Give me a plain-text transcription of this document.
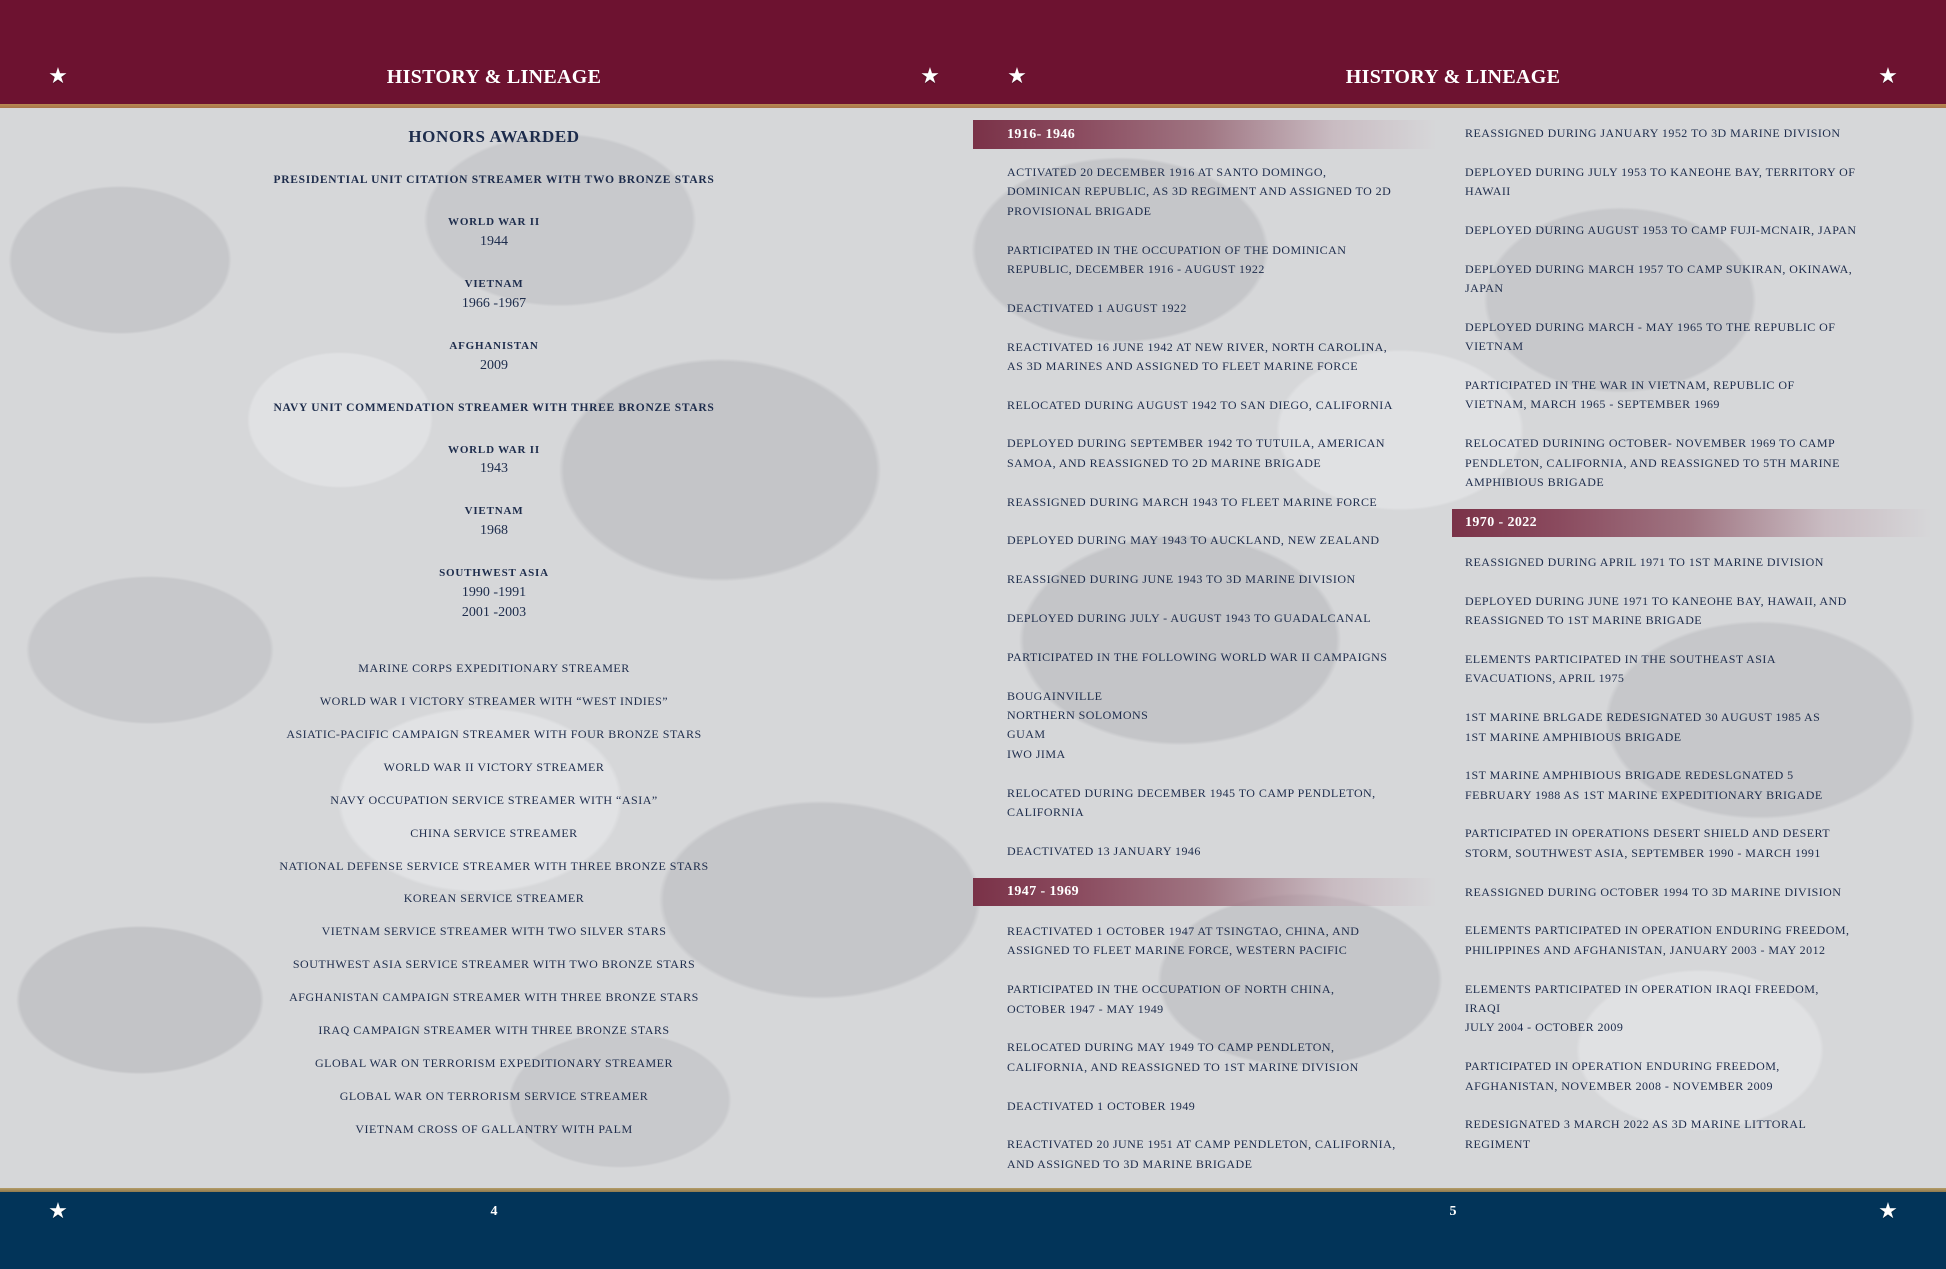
★	HISTORY & LINEAGE	★	★	HISTORY & LINEAGE	★
HONORS AWARDED
PRESIDENTIAL UNIT CITATION STREAMER WITH TWO BRONZE STARS
WORLD WAR II
1944
VIETNAM
1966 -1967
AFGHANISTAN
2009
NAVY UNIT COMMENDATION STREAMER WITH THREE BRONZE STARS
WORLD WAR II
1943
VIETNAM
1968
SOUTHWEST ASIA
1990 -1991
2001 -2003
MARINE CORPS EXPEDITIONARY STREAMER
WORLD WAR I VICTORY STREAMER WITH “WEST INDIES”
ASIATIC-PACIFIC CAMPAIGN STREAMER WITH FOUR BRONZE STARS
WORLD WAR II VICTORY STREAMER
NAVY OCCUPATION SERVICE STREAMER WITH “ASIA”
CHINA SERVICE STREAMER
NATIONAL DEFENSE SERVICE STREAMER WITH THREE BRONZE STARS
KOREAN SERVICE STREAMER
VIETNAM SERVICE STREAMER WITH TWO SILVER STARS
SOUTHWEST ASIA SERVICE STREAMER WITH TWO BRONZE STARS
AFGHANISTAN CAMPAIGN STREAMER WITH THREE BRONZE STARS
IRAQ CAMPAIGN STREAMER WITH THREE BRONZE STARS
GLOBAL WAR ON TERRORISM EXPEDITIONARY STREAMER
GLOBAL WAR ON TERRORISM SERVICE STREAMER
VIETNAM CROSS OF GALLANTRY WITH PALM
1916- 1946
1947 - 1969
1970 - 2022
ACTIVATED 20 DECEMBER 1916 AT SANTO DOMINGO,
DOMINICAN REPUBLIC, AS 3D REGIMENT AND ASSIGNED TO 2D
PROVISIONAL BRIGADE
PARTICIPATED IN THE OCCUPATION OF THE DOMINICAN
REPUBLIC, DECEMBER 1916 - AUGUST 1922
DEACTIVATED 1 AUGUST 1922
REACTIVATED 16 JUNE 1942 AT NEW RIVER, NORTH CAROLINA,
AS 3D MARINES AND ASSIGNED TO FLEET MARINE FORCE
RELOCATED DURING AUGUST 1942 TO SAN DIEGO, CALIFORNIA
DEPLOYED DURING SEPTEMBER 1942 TO TUTUILA, AMERICAN
SAMOA, AND REASSIGNED TO 2D MARINE BRIGADE
REASSIGNED DURING MARCH 1943 TO FLEET MARINE FORCE
DEPLOYED DURING MAY 1943 TO AUCKLAND, NEW ZEALAND
REASSIGNED DURING JUNE 1943 TO 3D MARINE DIVISION
DEPLOYED DURING JULY - AUGUST 1943 TO GUADALCANAL
PARTICIPATED IN THE FOLLOWING WORLD WAR II CAMPAIGNS
BOUGAINVILLE
NORTHERN SOLOMONS
GUAM
IWO JIMA
RELOCATED DURING DECEMBER 1945 TO CAMP PENDLETON,
CALIFORNIA
DEACTIVATED 13 JANUARY 1946
REACTIVATED 1 OCTOBER 1947 AT TSINGTAO, CHINA, AND
ASSIGNED TO FLEET MARINE FORCE, WESTERN PACIFIC
PARTICIPATED IN THE OCCUPATION OF NORTH CHINA,
OCTOBER 1947 - MAY 1949
RELOCATED DURING MAY 1949 TO CAMP PENDLETON,
CALIFORNIA, AND REASSIGNED TO 1ST MARINE DIVISION
DEACTIVATED 1 OCTOBER 1949
REACTIVATED 20 JUNE 1951 AT CAMP PENDLETON, CALIFORNIA,
AND ASSIGNED TO 3D MARINE BRIGADE
REASSIGNED DURING JANUARY 1952 TO 3D MARINE DIVISION
DEPLOYED DURING JULY 1953 TO KANEOHE BAY, TERRITORY OF
HAWAII
DEPLOYED DURING AUGUST 1953 TO CAMP FUJI-MCNAIR, JAPAN
DEPLOYED DURING MARCH 1957 TO CAMP SUKIRAN, OKINAWA,
JAPAN
DEPLOYED DURING MARCH - MAY 1965 TO THE REPUBLIC OF
VIETNAM
PARTICIPATED IN THE WAR IN VIETNAM, REPUBLIC OF
VIETNAM, MARCH 1965 - SEPTEMBER 1969
RELOCATED DURINING OCTOBER- NOVEMBER 1969 TO CAMP
PENDLETON, CALIFORNIA, AND REASSIGNED TO 5TH MARINE
AMPHIBIOUS BRIGADE
REASSIGNED DURING APRIL 1971 TO 1ST MARINE DIVISION
DEPLOYED DURING JUNE 1971 TO KANEOHE BAY, HAWAII, AND
REASSIGNED TO 1ST MARINE BRIGADE
ELEMENTS PARTICIPATED IN THE SOUTHEAST ASIA
EVACUATIONS, APRIL 1975
1ST MARINE BRLGADE REDESIGNATED 30 AUGUST 1985 AS
1ST MARINE AMPHIBIOUS BRIGADE
1ST MARINE AMPHIBIOUS BRIGADE REDESLGNATED 5
FEBRUARY 1988 AS 1ST MARINE EXPEDITIONARY BRIGADE
PARTICIPATED IN OPERATIONS DESERT SHIELD AND DESERT
STORM, SOUTHWEST ASIA, SEPTEMBER 1990 - MARCH 1991
REASSIGNED DURING OCTOBER 1994 TO 3D MARINE DIVISION
ELEMENTS PARTICIPATED IN OPERATION ENDURING FREEDOM,
PHILIPPINES AND AFGHANISTAN, JANUARY 2003 - MAY 2012
ELEMENTS PARTICIPATED IN OPERATION IRAQI FREEDOM,
IRAQI
JULY 2004 - OCTOBER 2009
PARTICIPATED IN OPERATION ENDURING FREEDOM,
AFGHANISTAN, NOVEMBER 2008 - NOVEMBER 2009
REDESIGNATED 3 MARCH 2022 AS 3D MARINE LITTORAL
REGIMENT
★	4	5	★
